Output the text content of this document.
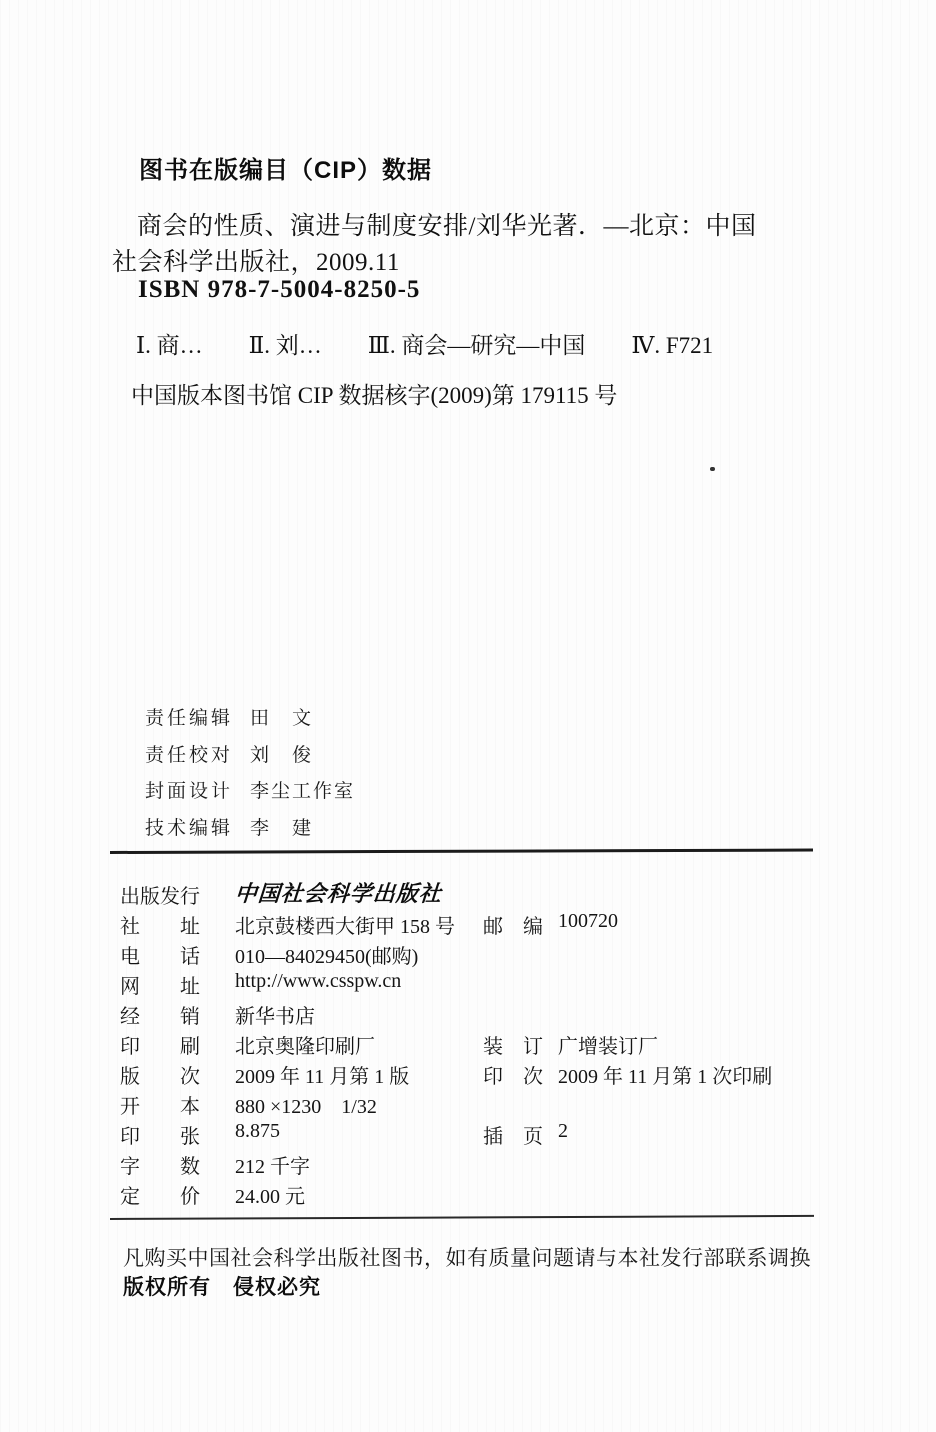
图书在版编目（CIP）数据
商会的性质、演进与制度安排/刘华光著．—北京：中国
社会科学出版社，2009.11
ISBN 978-7-5004-8250-5
Ⅰ. 商…　　Ⅱ. 刘…　　Ⅲ. 商会—研究—中国　　Ⅳ. F721
中国版本图书馆 CIP 数据核字(2009)第 179115 号
责任编辑 田　文
责任校对 刘　俊
封面设计 李尘工作室
技术编辑 李　建
出版发行 中国社会科学出版社
社　　址 北京鼓楼西大街甲 158 号 邮　编 100720
电　　话 010—84029450(邮购)
网　　址 http://www.csspw.cn
经　　销 新华书店
印　　刷 北京奥隆印刷厂	装　订 广增装订厂
版　　次 2009 年 11 月第 1 版	印　次 2009 年 11 月第 1 次印刷
开　　本 880 ×1230　1/32
印　　张 8.875	插　页 2
字　　数 212 千字
定　　价 24.00 元
凡购买中国社会科学出版社图书，如有质量问题请与本社发行部联系调换
版权所有　侵权必究
